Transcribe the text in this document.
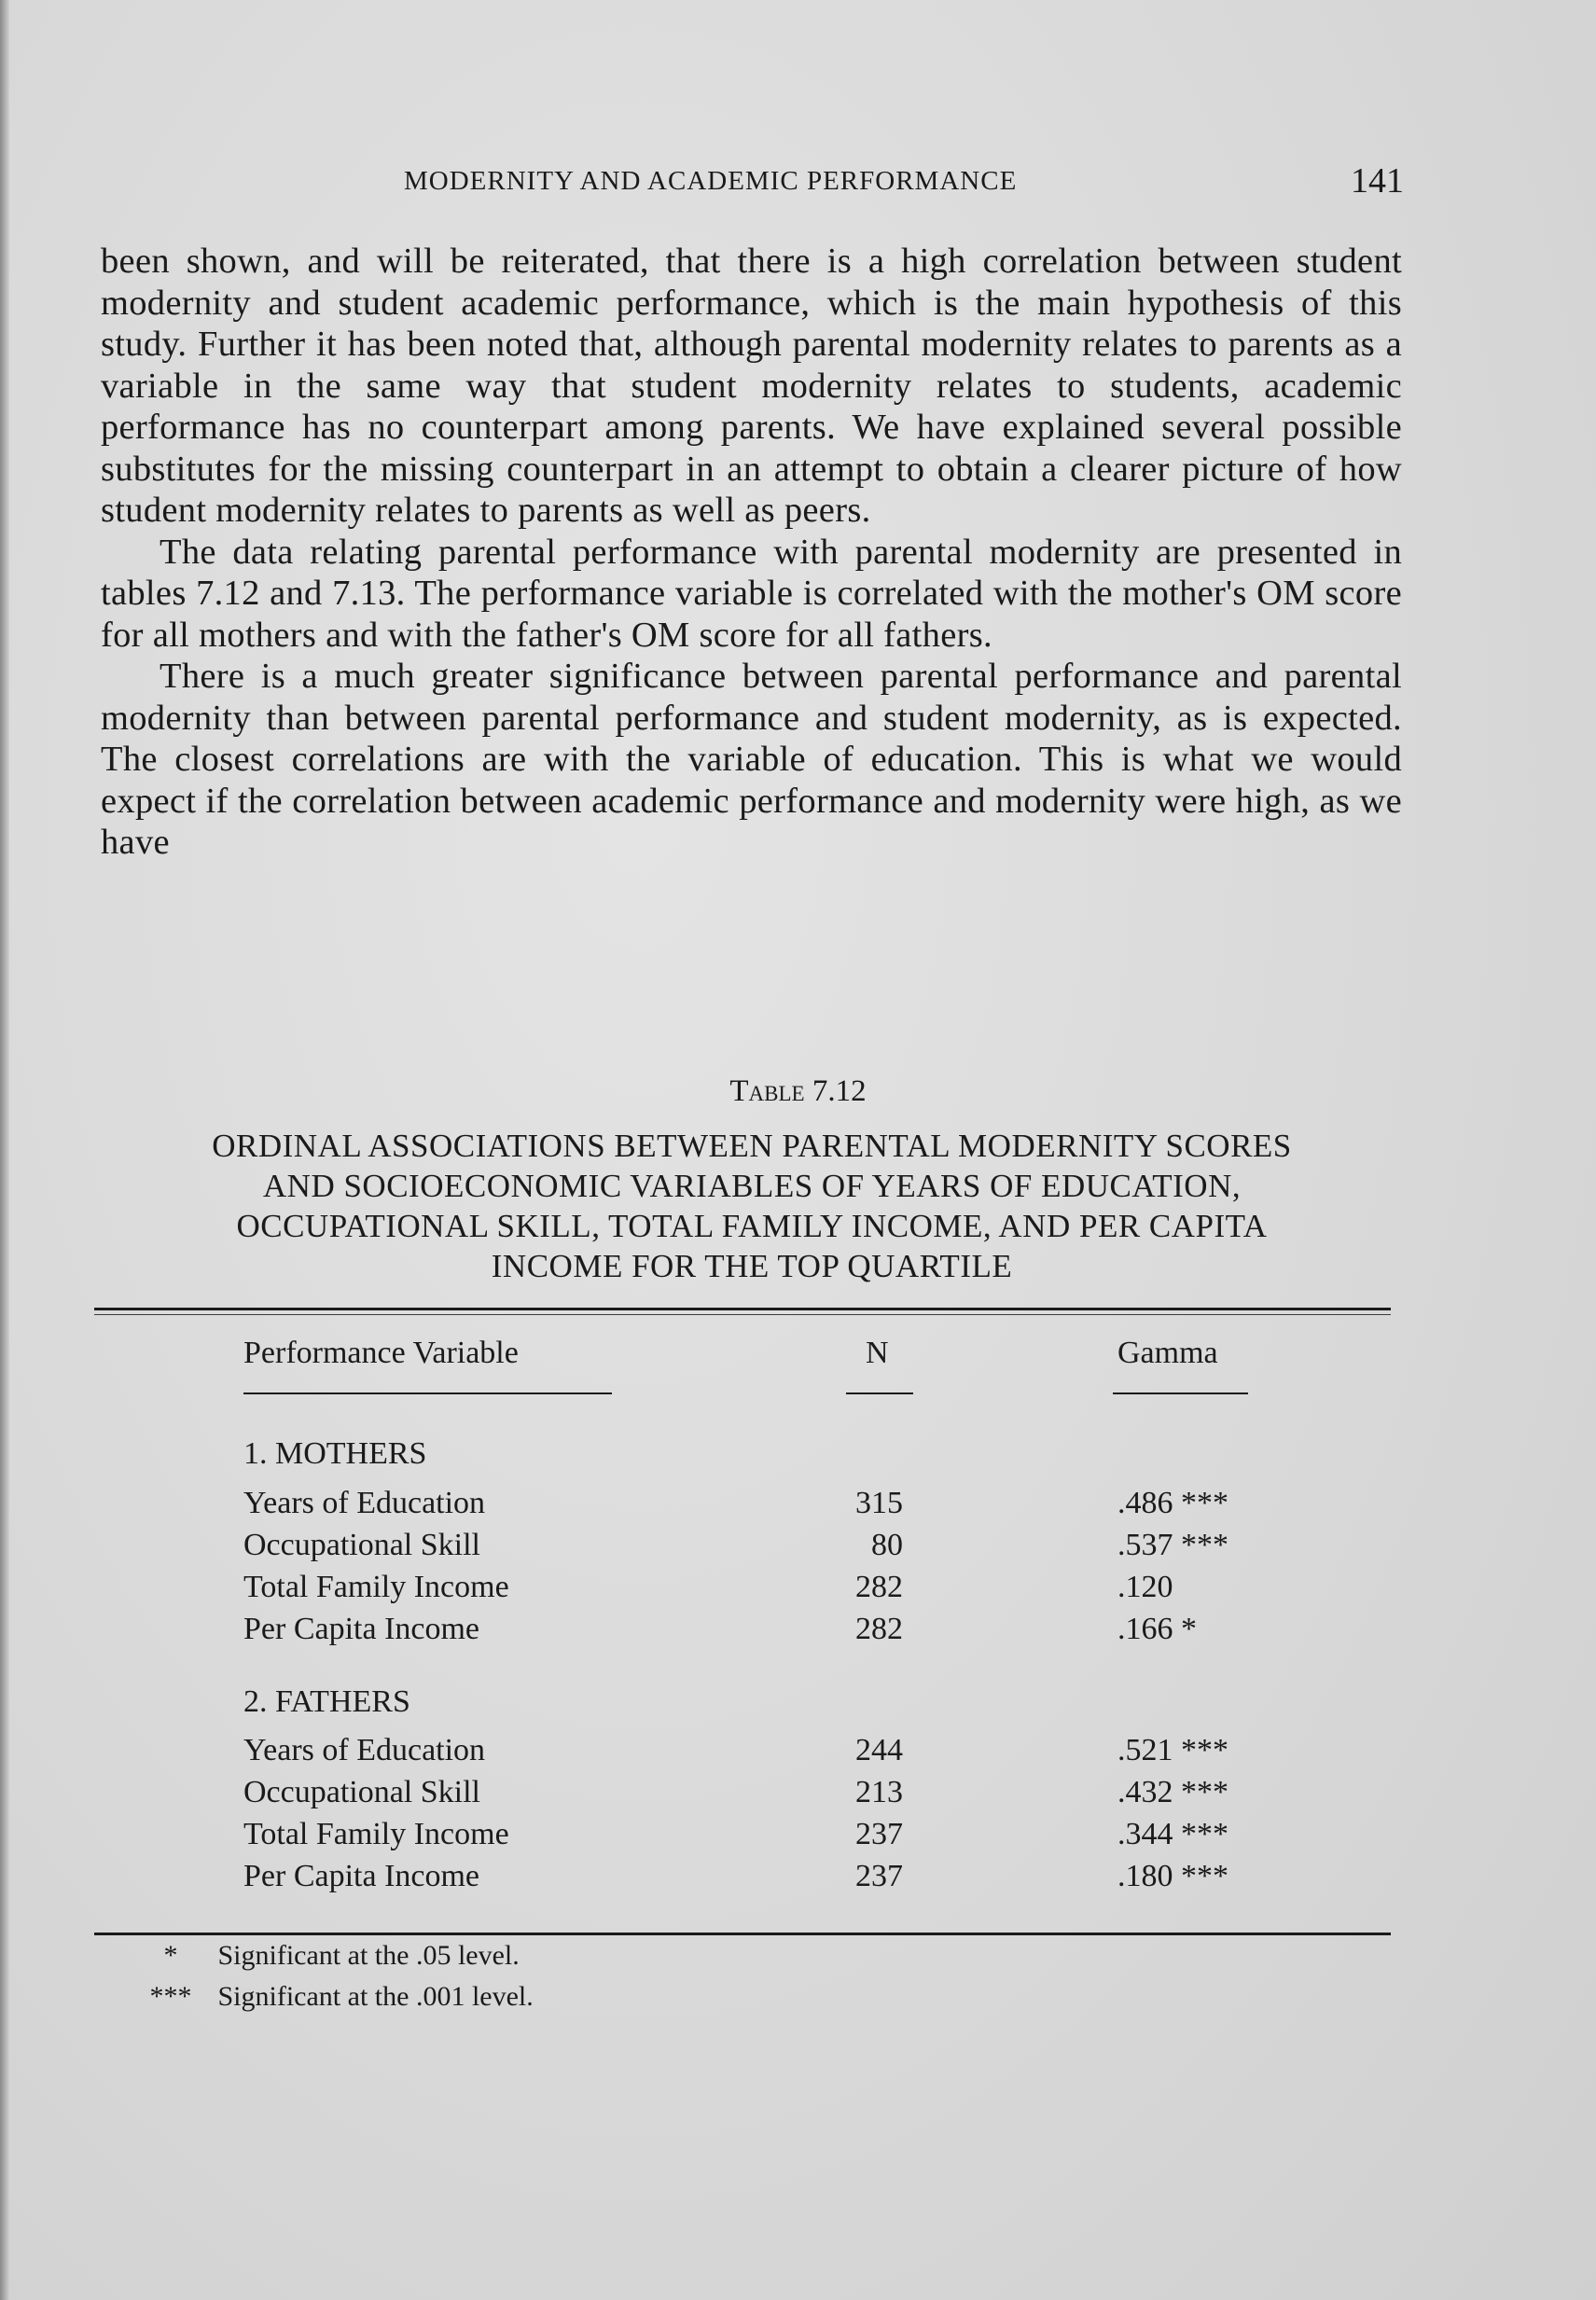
MODERNITY AND ACADEMIC PERFORMANCE	141

been shown, and will be reiterated, that there is a high correlation between student modernity and student academic performance, which is the main hypothesis of this study. Further it has been noted that, although parental modernity relates to parents as a variable in the same way that student modernity relates to students, academic performance has no counterpart among parents. We have explained several possible substitutes for the missing counterpart in an attempt to obtain a clearer picture of how student modernity relates to parents as well as peers.

The data relating parental performance with parental modernity are presented in tables 7.12 and 7.13. The performance variable is correlated with the mother's OM score for all mothers and with the father's OM score for all fathers.

There is a much greater significance between parental performance and parental modernity than between parental performance and student modernity, as is expected. The closest correlations are with the variable of education. This is what we would expect if the correlation between academic performance and modernity were high, as we have

Table 7.12
ORDINAL ASSOCIATIONS BETWEEN PARENTAL MODERNITY SCORES
AND SOCIOECONOMIC VARIABLES OF YEARS OF EDUCATION,
OCCUPATIONAL SKILL, TOTAL FAMILY INCOME, AND PER CAPITA
INCOME FOR THE TOP QUARTILE
Performance Variable	N	Gamma
1. MOTHERS
Years of Education	315	.486 ***
Occupational Skill	80	.537 ***
Total Family Income	282	.120
Per Capita Income	282	.166 *
2. FATHERS
Years of Education	244	.521 ***
Occupational Skill	213	.432 ***
Total Family Income	237	.344 ***
Per Capita Income	237	.180 ***
* Significant at the .05 level.
*** Significant at the .001 level.
